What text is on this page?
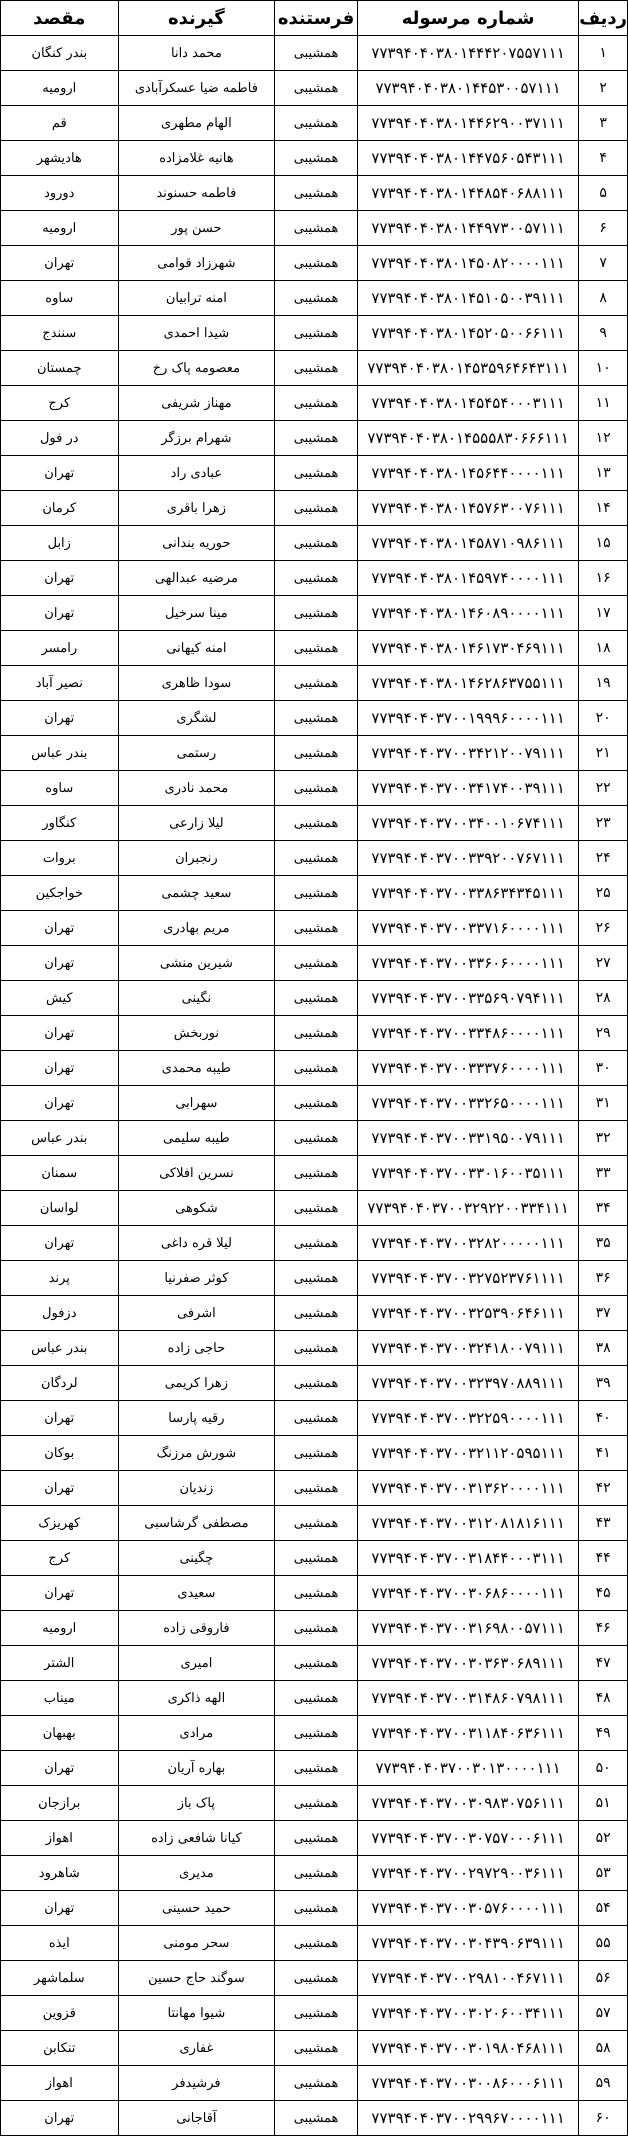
ردیف	شماره مرسوله	فرستنده	گیرنده	مقصد
۱	۷۷۳۹۴۰۴۰۳۸۰۱۴۴۴۲۰۷۵۵۷۱۱۱	همشیبی	محمد دانا	بندر کنگان
۲	۷۷۳۹۴۰۴۰۳۸۰۱۴۴۵۳۰۰۵۷۱۱۱	همشیبی	فاطمه ضیا عسکرآبادی	ارومیه
۳	۷۷۳۹۴۰۴۰۳۸۰۱۴۴۶۲۹۰۰۳۷۱۱۱	همشیبی	الهام مطهری	قم
۴	۷۷۳۹۴۰۴۰۳۸۰۱۴۴۷۵۶۰۵۴۳۱۱۱	همشیبی	هانیه غلامزاده	هادیشهر
۵	۷۷۳۹۴۰۴۰۳۸۰۱۴۴۸۵۴۰۶۸۸۱۱۱	همشیبی	فاطمه حسنوند	دورود
۶	۷۷۳۹۴۰۴۰۳۸۰۱۴۴۹۷۳۰۰۵۷۱۱۱	همشیبی	حسن پور	ارومیه
۷	۷۷۳۹۴۰۴۰۳۸۰۱۴۵۰۸۲۰۰۰۰۱۱۱	همشیبی	شهرزاد قوامی	تهران
۸	۷۷۳۹۴۰۴۰۳۸۰۱۴۵۱۰۵۰۰۳۹۱۱۱	همشیبی	امنه ترابیان	ساوه
۹	۷۷۳۹۴۰۴۰۳۸۰۱۴۵۲۰۵۰۰۶۶۱۱۱	همشیبی	شیدا احمدی	سنندج
۱۰	۷۷۳۹۴۰۴۰۳۸۰۱۴۵۳۵۹۶۴۶۴۳۱۱۱	همشیبی	معصومه پاک رخ	چمستان
۱۱	۷۷۳۹۴۰۴۰۳۸۰۱۴۵۴۵۴۰۰۰۳۱۱۱	همشیبی	مهناز شریفی	کرج
۱۲	۷۷۳۹۴۰۴۰۳۸۰۱۴۵۵۵۸۳۰۶۶۶۱۱۱	همشیبی	شهرام برزگر	در فول
۱۳	۷۷۳۹۴۰۴۰۳۸۰۱۴۵۶۴۴۰۰۰۰۱۱۱	همشیبی	عبادی راد	تهران
۱۴	۷۷۳۹۴۰۴۰۳۸۰۱۴۵۷۶۳۰۰۷۶۱۱۱	همشیبی	زهرا باقری	کرمان
۱۵	۷۷۳۹۴۰۴۰۳۸۰۱۴۵۸۷۱۰۹۸۶۱۱۱	همشیبی	حوریه بندانی	زابل
۱۶	۷۷۳۹۴۰۴۰۳۸۰۱۴۵۹۷۴۰۰۰۰۱۱۱	همشیبی	مرضیه عبدالهی	تهران
۱۷	۷۷۳۹۴۰۴۰۳۸۰۱۴۶۰۸۹۰۰۰۰۱۱۱	همشیبی	مینا سرخیل	تهران
۱۸	۷۷۳۹۴۰۴۰۳۸۰۱۴۶۱۷۳۰۴۶۹۱۱۱	همشیبی	امنه کیهانی	رامسر
۱۹	۷۷۳۹۴۰۴۰۳۸۰۱۴۶۲۸۶۳۷۵۵۱۱۱	همشیبی	سودا ظاهری	نصیر آباد
۲۰	۷۷۳۹۴۰۴۰۳۷۰۰۱۹۹۹۶۰۰۰۰۱۱۱	همشیبی	لشگری	تهران
۲۱	۷۷۳۹۴۰۴۰۳۷۰۰۳۴۲۱۲۰۰۷۹۱۱۱	همشیبی	رستمی	بندر عباس
۲۲	۷۷۳۹۴۰۴۰۳۷۰۰۳۴۱۷۴۰۰۳۹۱۱۱	همشیبی	محمد نادری	ساوه
۲۳	۷۷۳۹۴۰۴۰۳۷۰۰۳۴۰۰۱۰۶۷۴۱۱۱	همشیبی	لیلا زارعی	کنگاور
۲۴	۷۷۳۹۴۰۴۰۳۷۰۰۳۳۹۲۰۰۷۶۷۱۱۱	همشیبی	رنجبران	بروات
۲۵	۷۷۳۹۴۰۴۰۳۷۰۰۳۳۸۶۳۴۳۴۵۱۱۱	همشیبی	سعید چشمی	خواجکین
۲۶	۷۷۳۹۴۰۴۰۳۷۰۰۳۳۷۱۶۰۰۰۰۱۱۱	همشیبی	مریم بهادری	تهران
۲۷	۷۷۳۹۴۰۴۰۳۷۰۰۳۳۶۰۶۰۰۰۰۱۱۱	همشیبی	شیرین منشی	تهران
۲۸	۷۷۳۹۴۰۴۰۳۷۰۰۳۳۵۶۹۰۷۹۴۱۱۱	همشیبی	نگینی	کیش
۲۹	۷۷۳۹۴۰۴۰۳۷۰۰۳۳۴۸۶۰۰۰۰۱۱۱	همشیبی	نوربخش	تهران
۳۰	۷۷۳۹۴۰۴۰۳۷۰۰۳۳۳۷۶۰۰۰۰۱۱۱	همشیبی	طیبه محمدی	تهران
۳۱	۷۷۳۹۴۰۴۰۳۷۰۰۳۳۲۶۵۰۰۰۰۱۱۱	همشیبی	سهرابی	تهران
۳۲	۷۷۳۹۴۰۴۰۳۷۰۰۳۳۱۹۵۰۰۷۹۱۱۱	همشیبی	طیبه سلیمی	بندر عباس
۳۳	۷۷۳۹۴۰۴۰۳۷۰۰۳۳۰۱۶۰۰۳۵۱۱۱	همشیبی	نسرین افلاکی	سمنان
۳۴	۷۷۳۹۴۰۴۰۳۷۰۰۳۲۹۲۲۰۰۳۳۴۱۱۱	همشیبی	شکوهی	لواسان
۳۵	۷۷۳۹۴۰۴۰۳۷۰۰۳۲۸۲۰۰۰۰۰۱۱۱	همشیبی	لیلا قره داغی	تهران
۳۶	۷۷۳۹۴۰۴۰۳۷۰۰۳۲۷۵۲۳۷۶۱۱۱۱	همشیبی	کوثر صفرنیا	پرند
۳۷	۷۷۳۹۴۰۴۰۳۷۰۰۳۲۵۳۹۰۶۴۶۱۱۱	همشیبی	اشرفی	دزفول
۳۸	۷۷۳۹۴۰۴۰۳۷۰۰۳۲۴۱۸۰۰۷۹۱۱۱	همشیبی	حاجی زاده	بندر عباس
۳۹	۷۷۳۹۴۰۴۰۳۷۰۰۳۲۳۹۷۰۸۸۹۱۱۱	همشیبی	زهرا کریمی	لردگان
۴۰	۷۷۳۹۴۰۴۰۳۷۰۰۳۲۲۵۹۰۰۰۰۱۱۱	همشیبی	رقیه پارسا	تهران
۴۱	۷۷۳۹۴۰۴۰۳۷۰۰۳۲۱۱۲۰۵۹۵۱۱۱	همشیبی	شورش مرزنگ	بوکان
۴۲	۷۷۳۹۴۰۴۰۳۷۰۰۳۱۳۶۲۰۰۰۰۱۱۱	همشیبی	زندیان	تهران
۴۳	۷۷۳۹۴۰۴۰۳۷۰۰۳۱۲۰۸۱۸۱۶۱۱۱	همشیبی	مصطفی گرشاسبی	کهریزک
۴۴	۷۷۳۹۴۰۴۰۳۷۰۰۳۱۸۴۴۰۰۰۳۱۱۱	همشیبی	چگینی	کرج
۴۵	۷۷۳۹۴۰۴۰۳۷۰۰۳۰۶۸۶۰۰۰۰۱۱۱	همشیبی	سعیدی	تهران
۴۶	۷۷۳۹۴۰۴۰۳۷۰۰۳۱۶۹۸۰۰۵۷۱۱۱	همشیبی	فاروقی زاده	ارومیه
۴۷	۷۷۳۹۴۰۴۰۳۷۰۰۳۰۳۶۳۰۶۸۹۱۱۱	همشیبی	امیری	الشتر
۴۸	۷۷۳۹۴۰۴۰۳۷۰۰۳۱۴۸۶۰۷۹۸۱۱۱	همشیبی	الهه ذاکری	میناب
۴۹	۷۷۳۹۴۰۴۰۳۷۰۰۳۱۱۸۴۰۶۳۶۱۱۱	همشیبی	مرادی	بهبهان
۵۰	۷۷۳۹۴۰۴۰۳۷۰۰۳۰۱۳۰۰۰۰۱۱۱	همشیبی	بهاره آریان	تهران
۵۱	۷۷۳۹۴۰۴۰۳۷۰۰۳۰۹۸۳۰۷۵۶۱۱۱	همشیبی	پاک باز	برازجان
۵۲	۷۷۳۹۴۰۴۰۳۷۰۰۳۰۷۵۷۰۰۰۶۱۱۱	همشیبی	کیانا شافعی زاده	اهواز
۵۳	۷۷۳۹۴۰۴۰۳۷۰۰۲۹۷۲۹۰۰۳۶۱۱۱	همشیبی	مدیری	شاهرود
۵۴	۷۷۳۹۴۰۴۰۳۷۰۰۳۰۵۷۶۰۰۰۰۱۱۱	همشیبی	حمید حسینی	تهران
۵۵	۷۷۳۹۴۰۴۰۳۷۰۰۳۰۴۳۹۰۶۳۹۱۱۱	همشیبی	سحر مومنی	ایذه
۵۶	۷۷۳۹۴۰۴۰۳۷۰۰۲۹۸۱۰۰۴۶۷۱۱۱	همشیبی	سوگند حاج حسین	سلماشهر
۵۷	۷۷۳۹۴۰۴۰۳۷۰۰۳۰۲۰۶۰۰۳۴۱۱۱	همشیبی	شیوا مهانتا	قزوین
۵۸	۷۷۳۹۴۰۴۰۳۷۰۰۳۰۱۹۸۰۴۶۸۱۱۱	همشیبی	غفاری	تنکابن
۵۹	۷۷۳۹۴۰۴۰۳۷۰۰۳۰۰۸۶۰۰۰۶۱۱۱	همشیبی	فرشیدفر	اهواز
۶۰	۷۷۳۹۴۰۴۰۳۷۰۰۲۹۹۶۷۰۰۰۰۱۱۱	همشیبی	آقاجانی	تهران
